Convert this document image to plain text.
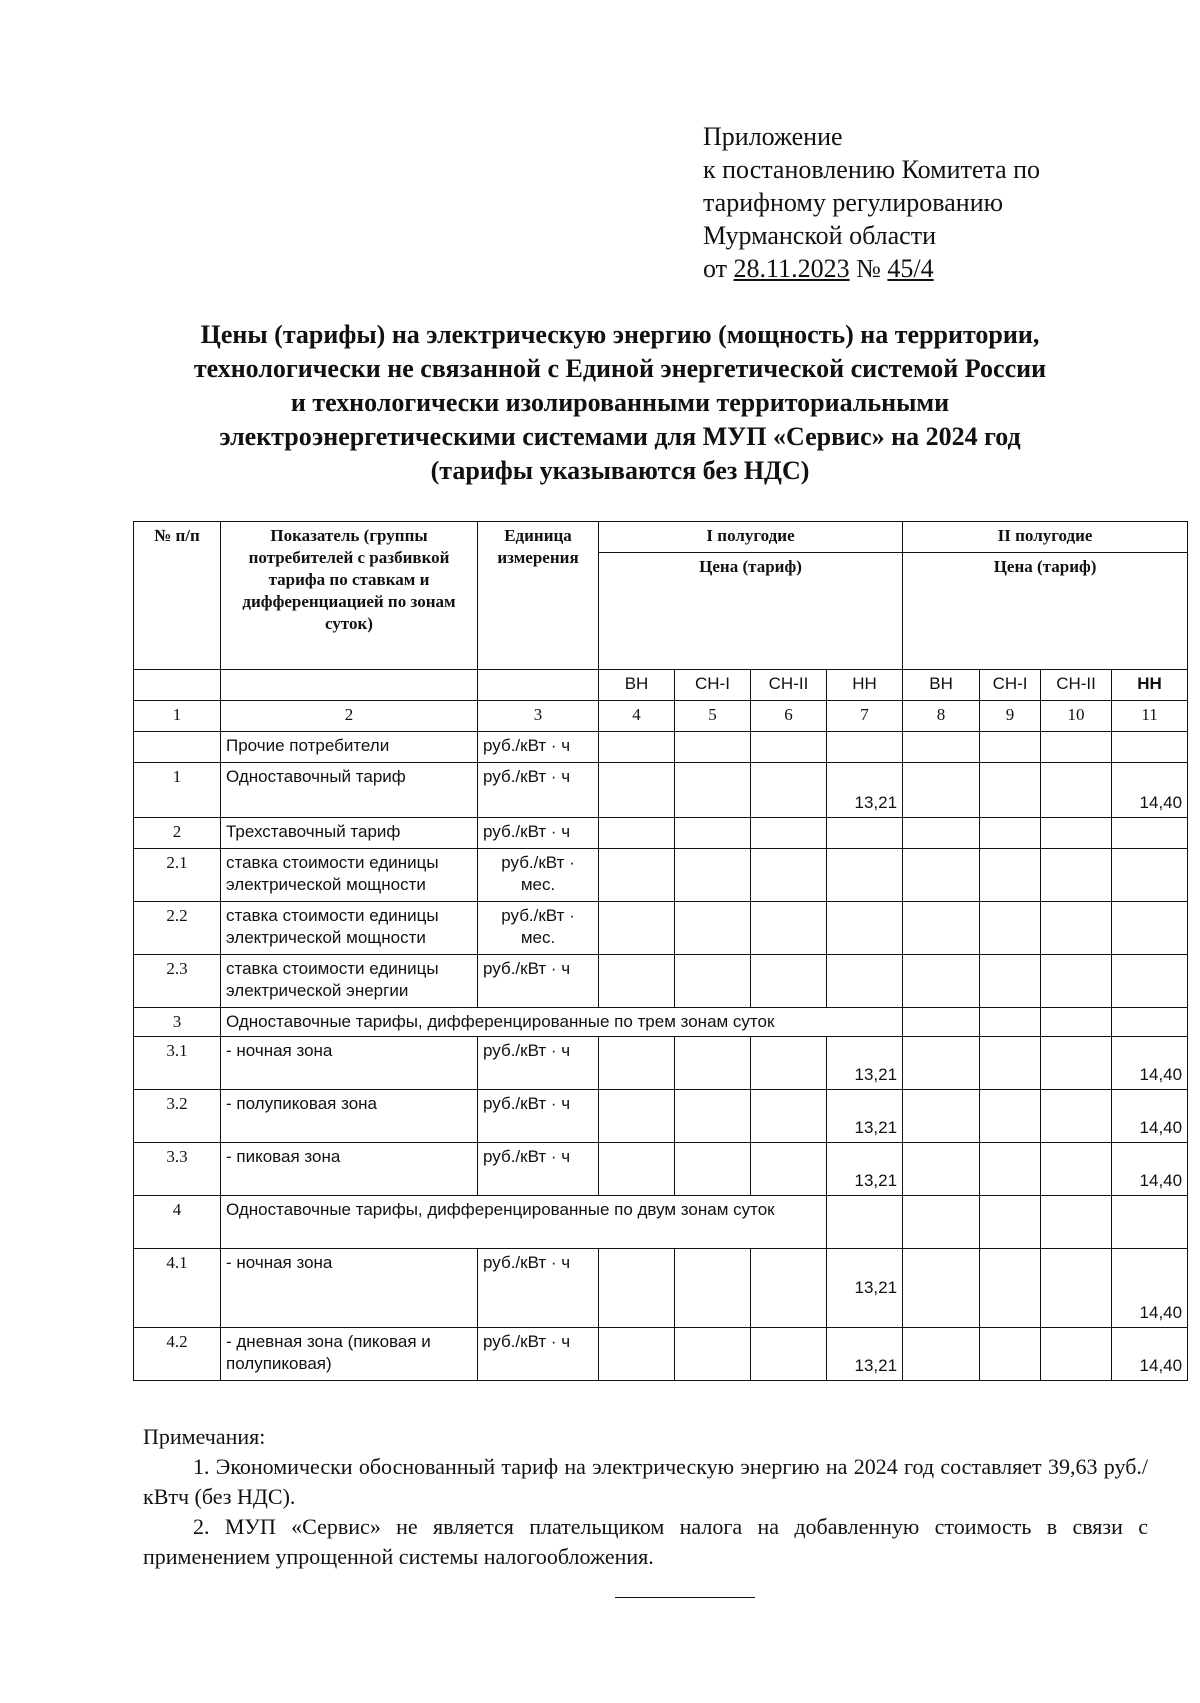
Приложение
к постановлению Комитета по
тарифному регулированию
Мурманской области
от 28.11.2023 № 45/4
Цены (тарифы) на электрическую энергию (мощность) на территории,
технологически не связанной с Единой энергетической системой России
и технологически изолированными территориальными
электроэнергетическими системами для МУП «Сервис» на 2024 год
(тарифы указываются без НДС)
№ п/п	Показатель (группы потребителей с разбивкой тарифа по ставкам и дифференциацией по зонам суток)	Единица измерения	I полугодие				II полугодие			
			Цена (тариф)				Цена (тариф)			
			ВН	СН-I	СН-II	НН	ВН	СН-I	СН-II	НН
1	2	3	4	5	6	7	8	9	10	11
	Прочие потребители	руб./кВт · ч								
1	Одноставочный тариф	руб./кВт · ч				13,21				14,40
2	Трехставочный тариф	руб./кВт · ч								
2.1	ставка стоимости единицы электрической мощности	руб./кВт · мес.								
2.2	ставка стоимости единицы электрической мощности	руб./кВт · мес.								
2.3	ставка стоимости единицы электрической энергии	руб./кВт · ч								
3	Одноставочные тарифы, дифференцированные по трем зонам суток									
3.1	- ночная зона	руб./кВт · ч				13,21				14,40
3.2	- полупиковая зона	руб./кВт · ч				13,21				14,40
3.3	- пиковая зона	руб./кВт · ч				13,21				14,40
4	Одноставочные тарифы, дифференцированные по двум зонам суток									
4.1	- ночная зона	руб./кВт · ч				13,21				14,40
4.2	- дневная зона (пиковая и полупиковая)	руб./кВт · ч				13,21				14,40

Примечания:

1. Экономически обоснованный тариф на электрическую энергию на 2024 год составляет 39,63 руб./кВтч (без НДС).

2. МУП «Сервис» не является плательщиком налога на добавленную стоимость в связи с применением упрощенной системы налогообложения.
